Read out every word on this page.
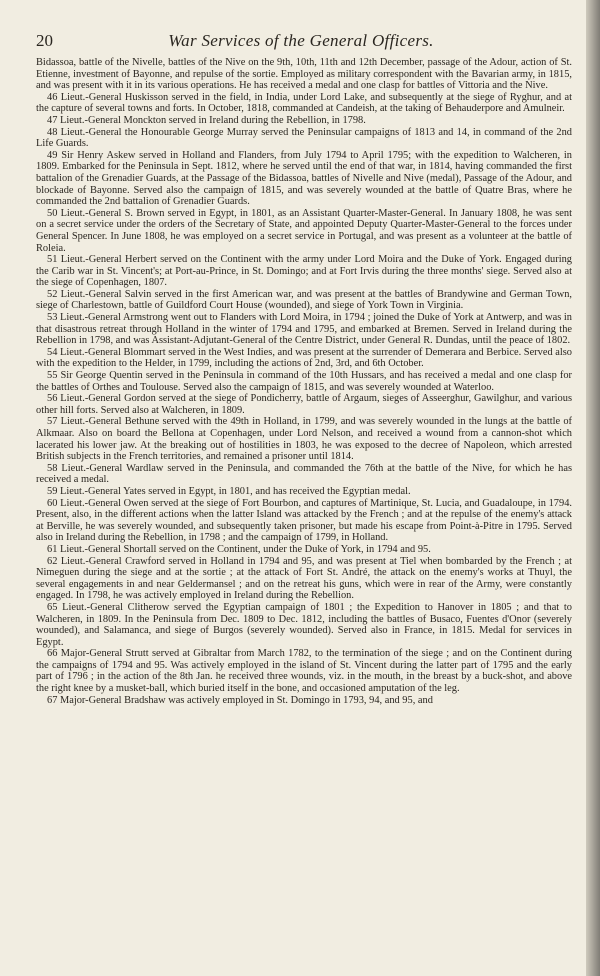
20	War Services of the General Officers.

Bidassoa, battle of the Nivelle, battles of the Nive on the 9th, 10th, 11th and 12th December, passage of the Adour, action of St. Etienne, investment of Bayonne, and repulse of the sortie. Employed as military correspondent with the Bavarian army, in 1815, and was present with it in its various operations. He has received a medal and one clasp for battles of Vittoria and the Nive.

46 Lieut.-General Huskisson served in the field, in India, under Lord Lake, and subsequently at the siege of Ryghur, and at the capture of several towns and forts. In October, 1818, commanded at Candeish, at the taking of Behauderpore and Amulneir.

47 Lieut.-General Monckton served in Ireland during the Rebellion, in 1798.

48 Lieut.-General the Honourable George Murray served the Peninsular campaigns of 1813 and 14, in command of the 2nd Life Guards.

49 Sir Henry Askew served in Holland and Flanders, from July 1794 to April 1795; with the expedition to Walcheren, in 1809. Embarked for the Peninsula in Sept. 1812, where he served until the end of that war, in 1814, having commanded the first battalion of the Grenadier Guards, at the Passage of the Bidassoa, battles of Nivelle and Nive (medal), Passage of the Adour, and blockade of Bayonne. Served also the campaign of 1815, and was severely wounded at the battle of Quatre Bras, where he commanded the 2nd battalion of Grenadier Guards.

50 Lieut.-General S. Brown served in Egypt, in 1801, as an Assistant Quarter-Master-General. In January 1808, he was sent on a secret service under the orders of the Secretary of State, and appointed Deputy Quarter-Master-General to the forces under General Spencer. In June 1808, he was employed on a secret service in Portugal, and was present as a volunteer at the battle of Roleia.

51 Lieut.-General Herbert served on the Continent with the army under Lord Moira and the Duke of York. Engaged during the Carib war in St. Vincent's; at Port-au-Prince, in St. Domingo; and at Fort Irvis during the three months' siege. Served also at the siege of Copenhagen, 1807.

52 Lieut.-General Salvin served in the first American war, and was present at the battles of Brandywine and German Town, siege of Charlestown, battle of Guildford Court House (wounded), and siege of York Town in Virginia.

53 Lieut.-General Armstrong went out to Flanders with Lord Moira, in 1794 ; joined the Duke of York at Antwerp, and was in that disastrous retreat through Holland in the winter of 1794 and 1795, and embarked at Bremen. Served in Ireland during the Rebellion in 1798, and was Assistant-Adjutant-General of the Centre District, under General R. Dundas, until the peace of 1802.

54 Lieut.-General Blommart served in the West Indies, and was present at the surrender of Demerara and Berbice. Served also with the expedition to the Helder, in 1799, including the actions of 2nd, 3rd, and 6th October.

55 Sir George Quentin served in the Peninsula in command of the 10th Hussars, and has received a medal and one clasp for the battles of Orthes and Toulouse. Served also the campaign of 1815, and was severely wounded at Waterloo.

56 Lieut.-General Gordon served at the siege of Pondicherry, battle of Argaum, sieges of Asseerghur, Gawilghur, and various other hill forts. Served also at Walcheren, in 1809.

57 Lieut.-General Bethune served with the 49th in Holland, in 1799, and was severely wounded in the lungs at the battle of Alkmaar. Also on board the Bellona at Copenhagen, under Lord Nelson, and received a wound from a cannon-shot which lacerated his lower jaw. At the breaking out of hostilities in 1803, he was exposed to the decree of Napoleon, which arrested British subjects in the French territories, and remained a prisoner until 1814.

58 Lieut.-General Wardlaw served in the Peninsula, and commanded the 76th at the battle of the Nive, for which he has received a medal.

59 Lieut.-General Yates served in Egypt, in 1801, and has received the Egyptian medal.

60 Lieut.-General Owen served at the siege of Fort Bourbon, and captures of Martinique, St. Lucia, and Guadaloupe, in 1794. Present, also, in the different actions when the latter Island was attacked by the French ; and at the repulse of the enemy's attack at Berville, he was severely wounded, and subsequently taken prisoner, but made his escape from Point-à-Pitre in 1795. Served also in Ireland during the Rebellion, in 1798 ; and the campaign of 1799, in Holland.

61 Lieut.-General Shortall served on the Continent, under the Duke of York, in 1794 and 95.

62 Lieut.-General Crawford served in Holland in 1794 and 95, and was present at Tiel when bombarded by the French ; at Nimeguen during the siege and at the sortie ; at the attack of Fort St. André, the attack on the enemy's works at Thuyl, the several engagements in and near Geldermansel ; and on the retreat his guns, which were in rear of the Army, were constantly engaged. In 1798, he was actively employed in Ireland during the Rebellion.

65 Lieut.-General Clitherow served the Egyptian campaign of 1801 ; the Expedition to Hanover in 1805 ; and that to Walcheren, in 1809. In the Peninsula from Dec. 1809 to Dec. 1812, including the battles of Busaco, Fuentes d'Onor (severely wounded), and Salamanca, and siege of Burgos (severely wounded). Served also in France, in 1815. Medal for services in Egypt.

66 Major-General Strutt served at Gibraltar from March 1782, to the termination of the siege ; and on the Continent during the campaigns of 1794 and 95. Was actively employed in the island of St. Vincent during the latter part of 1795 and the early part of 1796 ; in the action of the 8th Jan. he received three wounds, viz. in the mouth, in the breast by a buck-shot, and above the right knee by a musket-ball, which buried itself in the bone, and occasioned amputation of the leg.

67 Major-General Bradshaw was actively employed in St. Domingo in 1793, 94, and 95, and
